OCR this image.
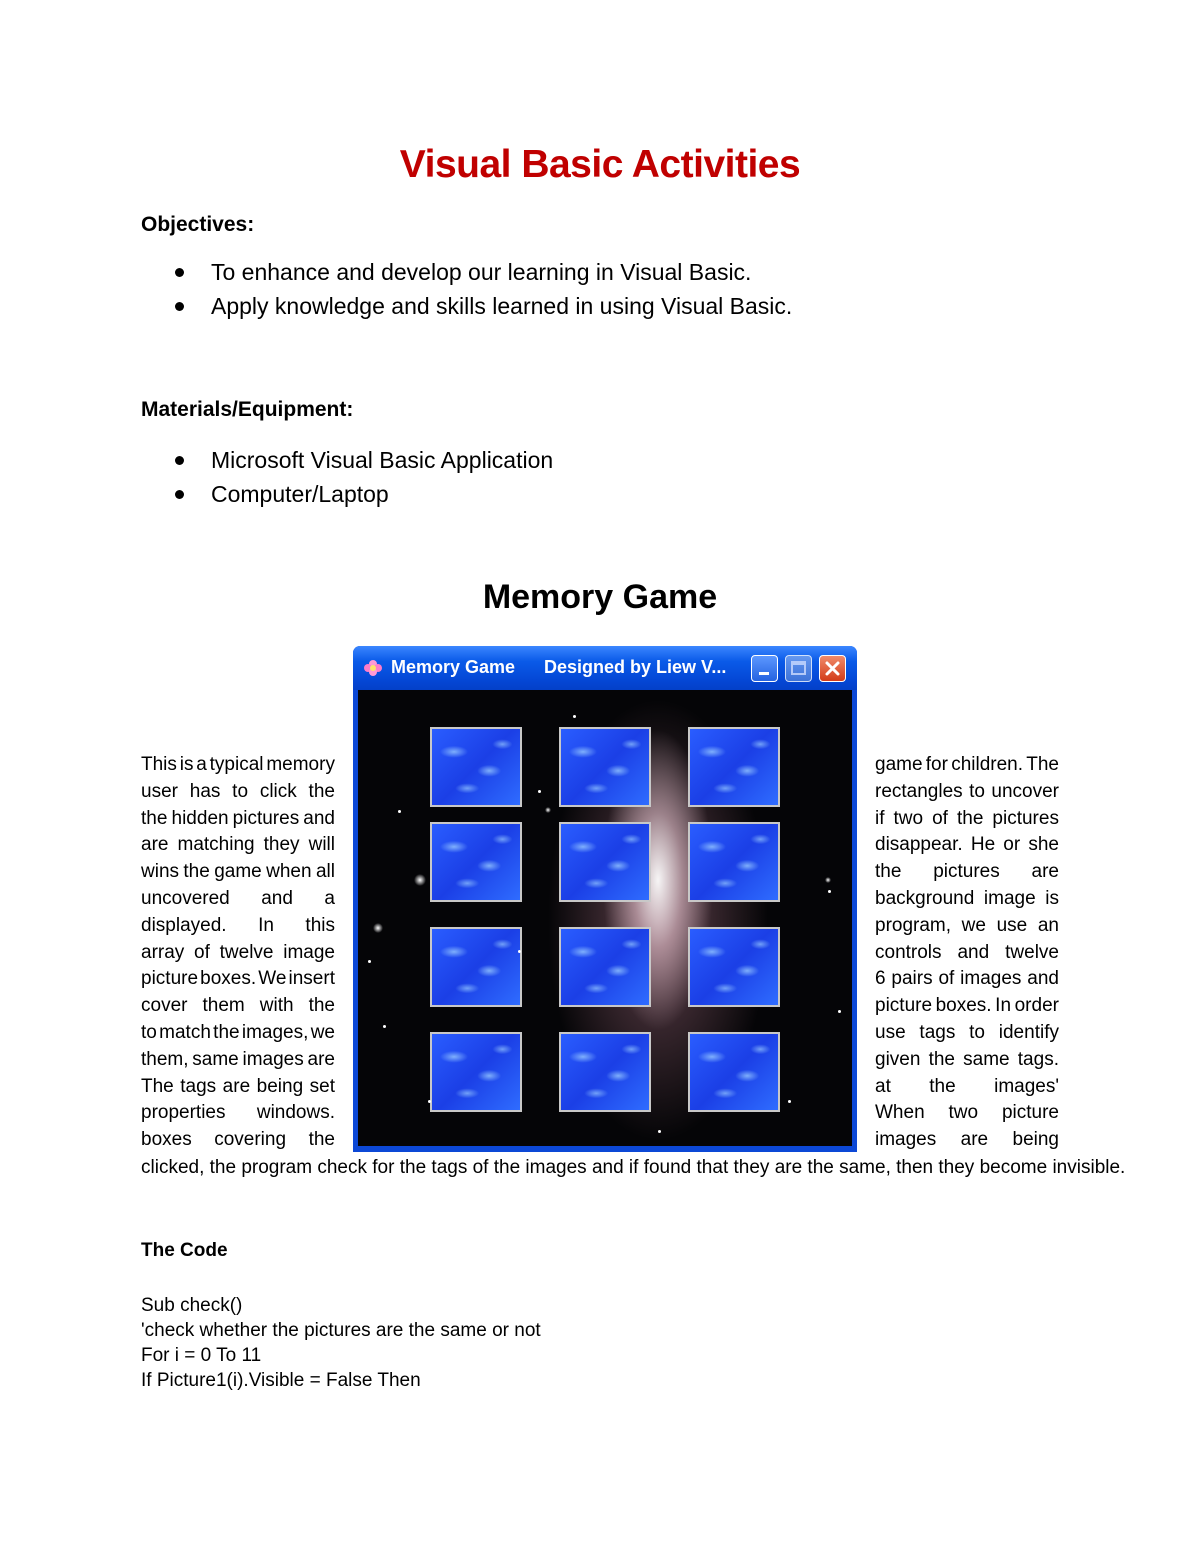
Visual Basic Activities
Objectives:
To enhance and develop our learning in Visual Basic.
Apply knowledge and skills learned in using Visual Basic.
Materials/Equipment:
Microsoft Visual Basic Application
Computer/Laptop
Memory Game
This is a typical memory
user has to click the
the hidden pictures and
are matching they will
wins the game when all
uncovered and a
displayed. In this
array of twelve image
picture boxes. We insert
cover them with the
to match the images, we
them, same images are
The tags are being set
properties windows.
boxes covering the
game for children. The
rectangles to uncover
if two of the pictures
disappear. He or she
the pictures are
background image is
program, we use an
controls and twelve
6 pairs of images and
picture boxes. In order
use tags to identify
given the same tags.
at the images'
When two picture
images are being
clicked, the program check for the tags of the images and if found that they are the same, then they become invisible.
Memory Game Designed by Liew V...
The Code
Sub check()
'check whether the pictures are the same or not
For i = 0 To 11
If Picture1(i).Visible = False Then
